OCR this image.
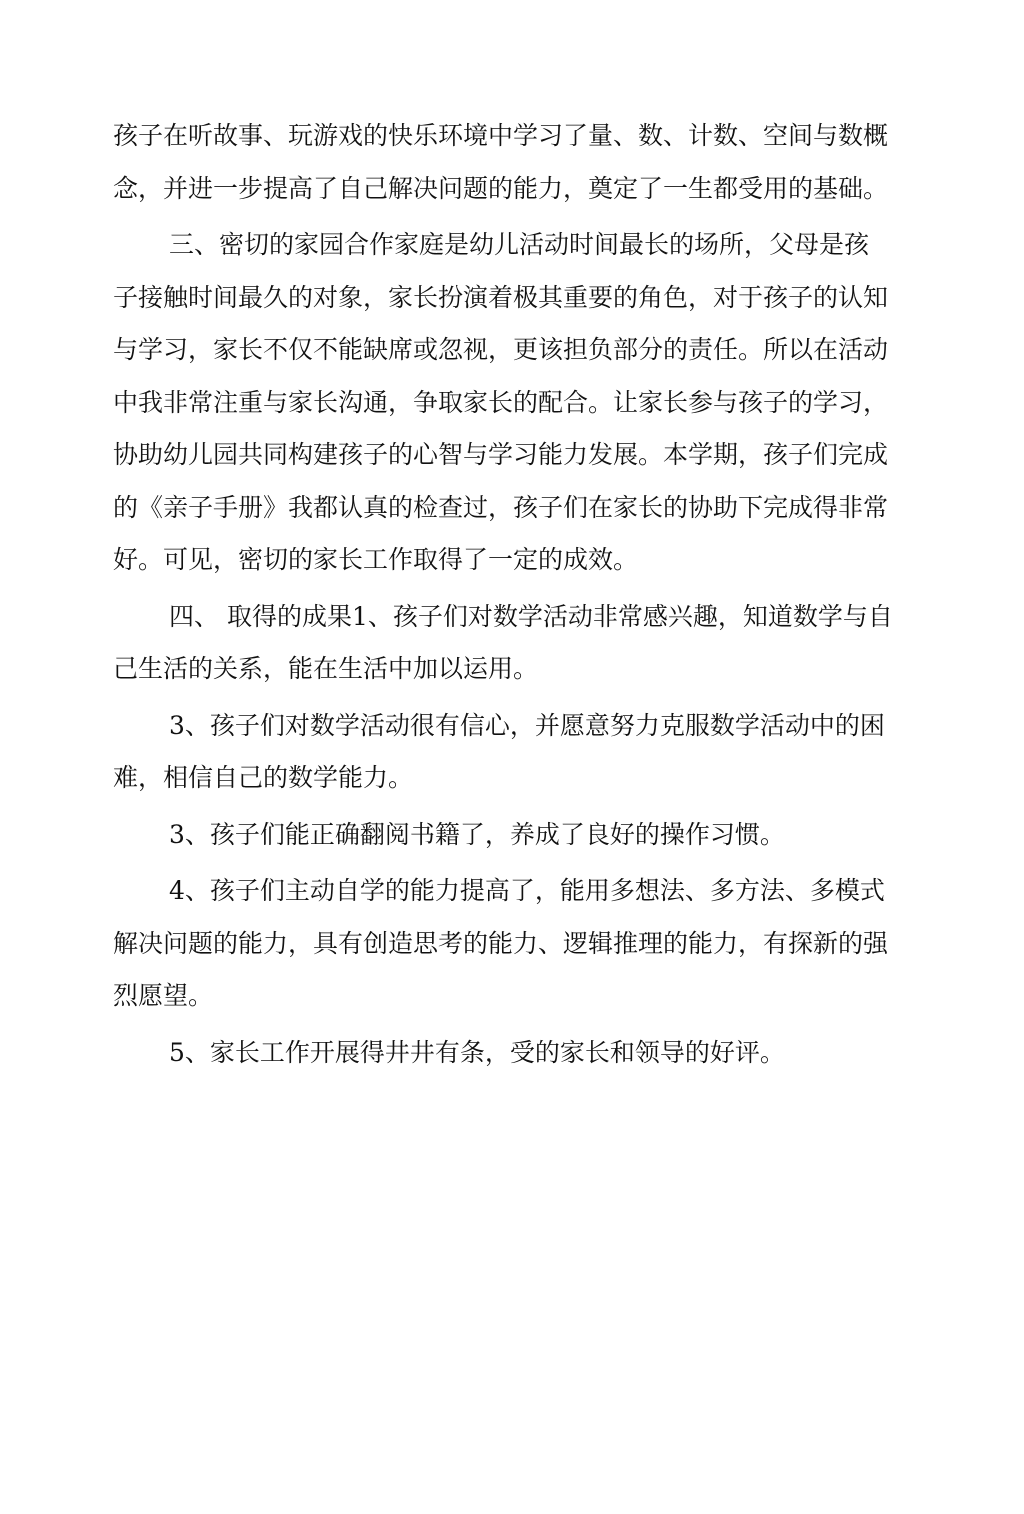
孩子在听故事、玩游戏的快乐环境中学习了量、数、计数、空间与数概念，并进一步提高了自己解决问题的能力，奠定了一生都受用的基础。

三、密切的家园合作家庭是幼儿活动时间最长的场所，父母是孩子接触时间最久的对象，家长扮演着极其重要的角色，对于孩子的认知与学习，家长不仅不能缺席或忽视，更该担负部分的责任。所以在活动中我非常注重与家长沟通，争取家长的配合。让家长参与孩子的学习，协助幼儿园共同构建孩子的心智与学习能力发展。本学期，孩子们完成的《亲子手册》我都认真的检查过，孩子们在家长的协助下完成得非常好。可见，密切的家长工作取得了一定的成效。

四、 取得的成果1、孩子们对数学活动非常感兴趣，知道数学与自己生活的关系，能在生活中加以运用。

3、孩子们对数学活动很有信心，并愿意努力克服数学活动中的困难，相信自己的数学能力。

3、孩子们能正确翻阅书籍了，养成了良好的操作习惯。

4、孩子们主动自学的能力提高了，能用多想法、多方法、多模式解决问题的能力，具有创造思考的能力、逻辑推理的能力，有探新的强烈愿望。

5、家长工作开展得井井有条，受的家长和领导的好评。
